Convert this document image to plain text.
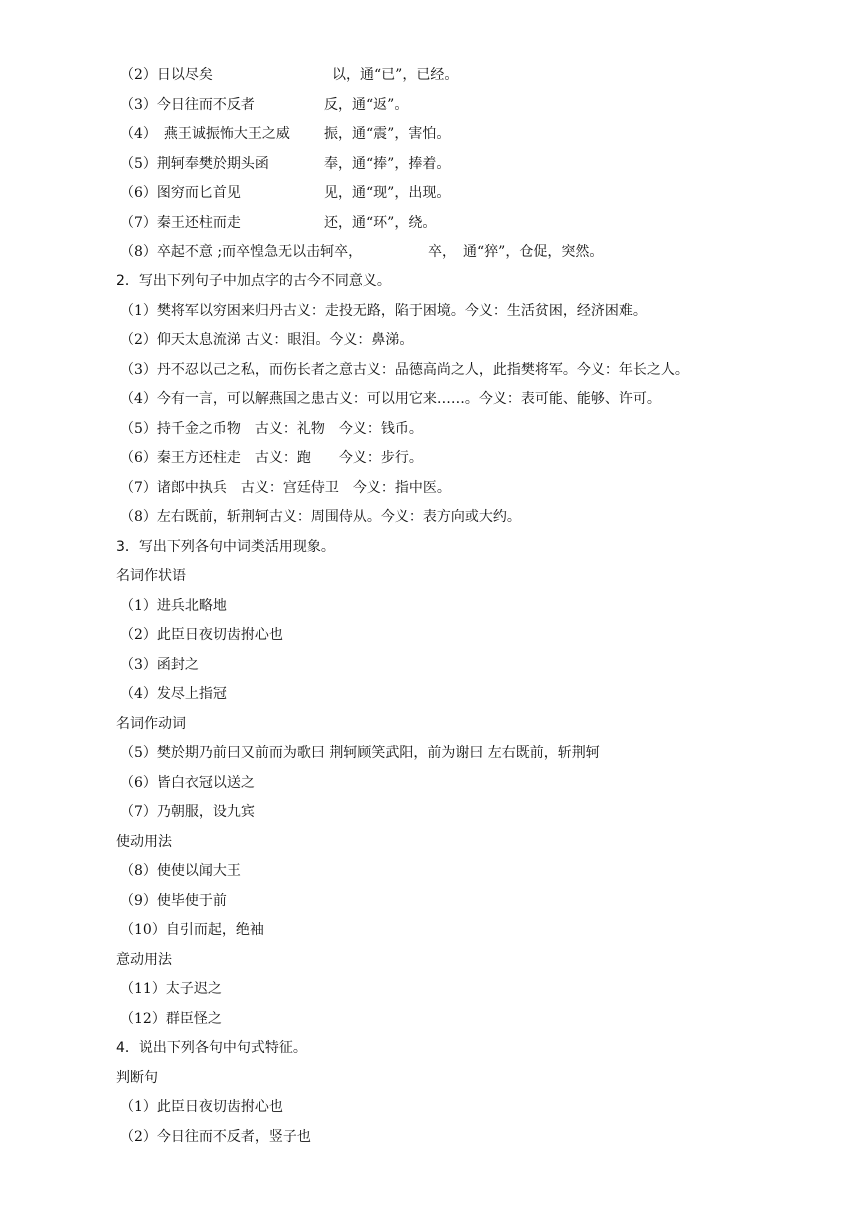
（2）日以尽矣	以，通“已”，已经。
（3）今日往而不反者	反，通“返”。
（4）　燕王诚振怖大王之威 振，通“震”，害怕。
（5）荆轲奉樊於期头函	奉，通“捧”，捧着。
（6）图穷而匕首见	见，通“现”，出现。
（7）秦王还柱而走	还，通“环”，绕。
（8）卒起不意 ;而卒惶急无以击轲卒，	卒，　通“猝”，仓促，突然。
2．写出下列句子中加点字的古今不同意义。
（1）樊将军以穷困来归丹古义：走投无路，陷于困境。今义：生活贫困，经济困难。
（2）仰天太息流涕 古义：眼泪。今义：鼻涕。
（3）丹不忍以己之私，而伤长者之意古义：品德高尚之人，此指樊将军。今义：年长之人。
（4）今有一言，可以解燕国之患古义：可以用它来……。今义：表可能、能够、许可。
（5）持千金之币物　古义：礼物　今义：钱币。
（6）秦王方还柱走　古义：跑　　今义：步行。
（7）诸郎中执兵　古义：宫廷侍卫　今义：指中医。
（8）左右既前，斩荆轲古义：周围侍从。今义：表方向或大约。
3．写出下列各句中词类活用现象。
名词作状语
（1）进兵北略地
（2）此臣日夜切齿拊心也
（3）函封之
（4）发尽上指冠
名词作动词
（5）樊於期乃前曰又前而为歌曰 荆轲顾笑武阳，前为谢曰 左右既前，斩荆轲
（6）皆白衣冠以送之
（7）乃朝服，设九宾
使动用法
（8）使使以闻大王
（9）使毕使于前
（10）自引而起，绝袖
意动用法
（11）太子迟之
（12）群臣怪之
4．说出下列各句中句式特征。
判断句
（1）此臣日夜切齿拊心也
（2）今日往而不反者，竖子也
